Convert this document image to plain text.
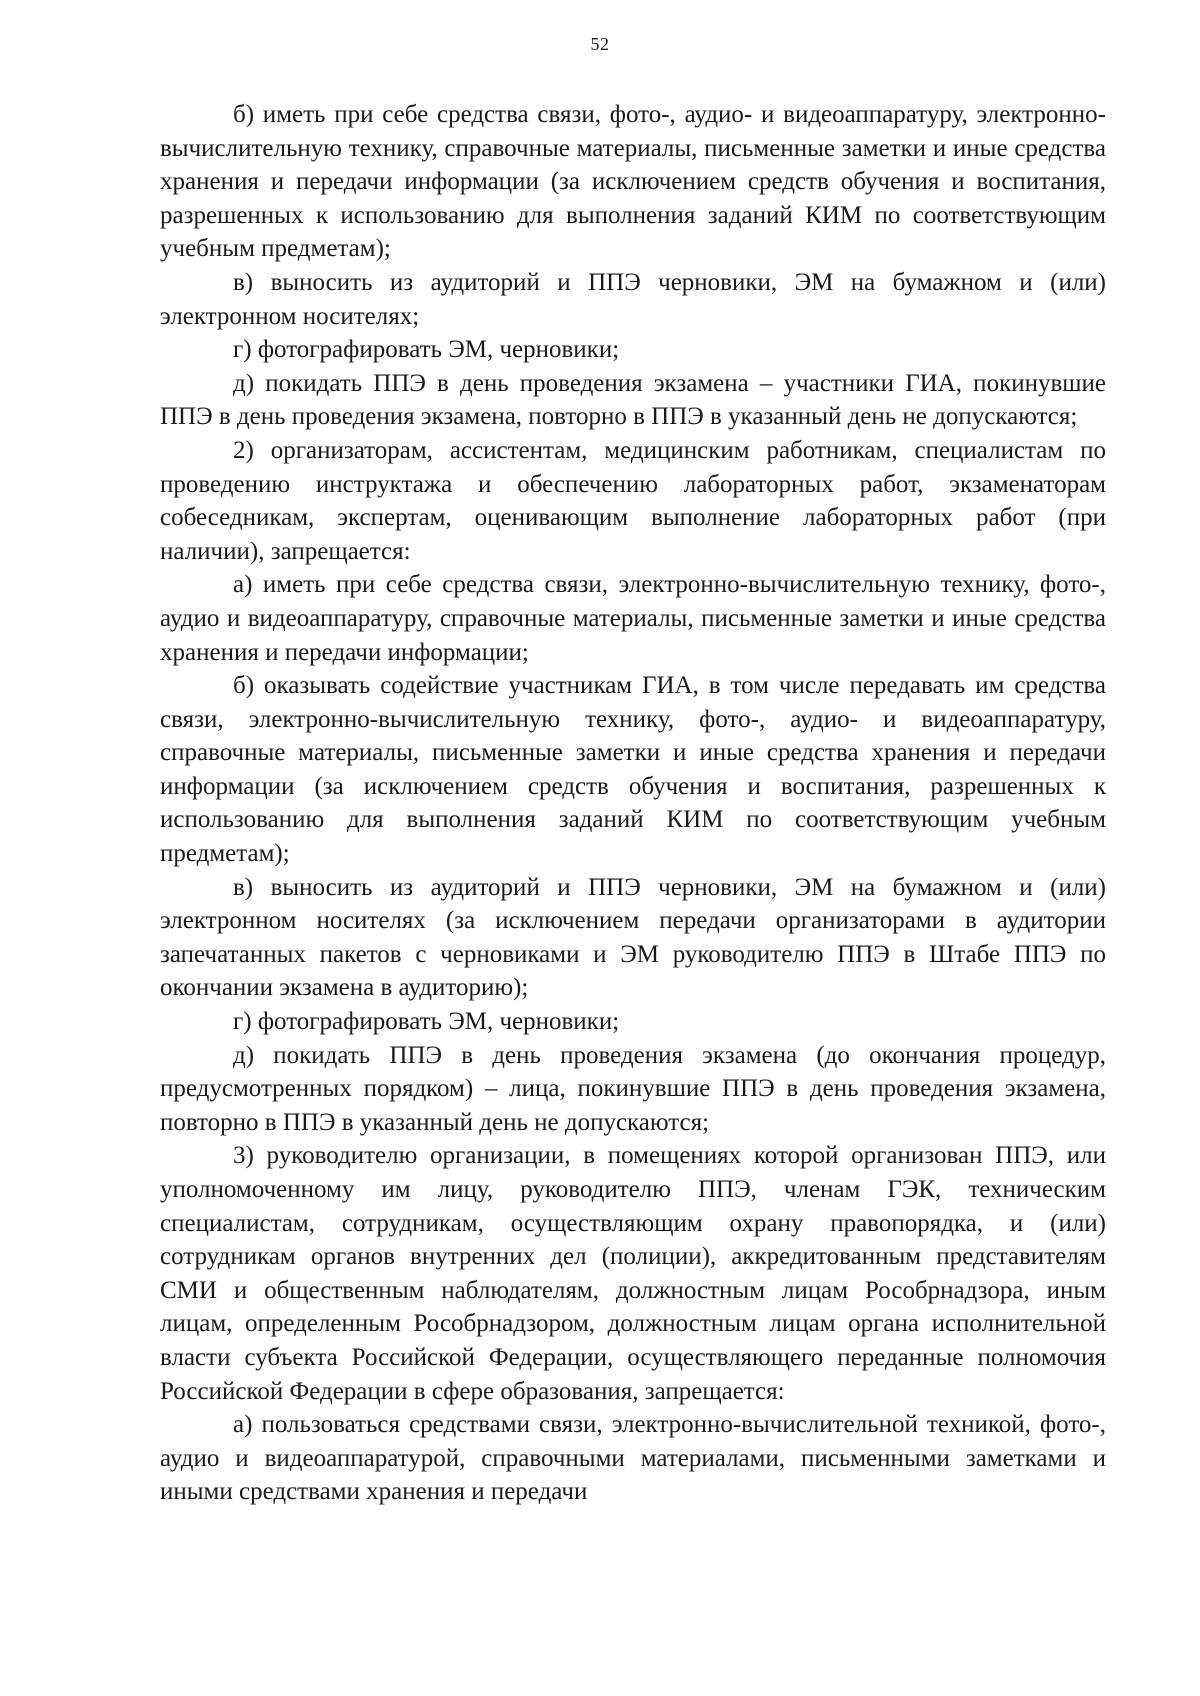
52

б) иметь при себе средства связи, фото-, аудио- и видеоаппаратуру, электронно-вычислительную технику, справочные материалы, письменные заметки и иные средства хранения и передачи информации (за исключением средств обучения и воспитания, разрешенных к использованию для выполнения заданий КИМ по соответствующим учебным предметам);

в) выносить из аудиторий и ППЭ черновики, ЭМ на бумажном и (или) электронном носителях;

г) фотографировать ЭМ, черновики;

д) покидать ППЭ в день проведения экзамена – участники ГИА, покинувшие ППЭ в день проведения экзамена, повторно в ППЭ в указанный день не допускаются;

2) организаторам, ассистентам, медицинским работникам, специалистам по проведению инструктажа и обеспечению лабораторных работ, экзаменаторам собеседникам, экспертам, оценивающим выполнение лабораторных работ (при наличии), запрещается:

а) иметь при себе средства связи, электронно-вычислительную технику, фото-, аудио и видеоаппаратуру, справочные материалы, письменные заметки и иные средства хранения и передачи информации;

б) оказывать содействие участникам ГИА, в том числе передавать им средства связи, электронно-вычислительную технику, фото-, аудио- и видеоаппаратуру, справочные материалы, письменные заметки и иные средства хранения и передачи информации (за исключением средств обучения и воспитания, разрешенных к использованию для выполнения заданий КИМ по соответствующим учебным предметам);

в) выносить из аудиторий и ППЭ черновики, ЭМ на бумажном и (или) электронном носителях (за исключением передачи организаторами в аудитории запечатанных пакетов с черновиками и ЭМ руководителю ППЭ в Штабе ППЭ по окончании экзамена в аудиторию);

г) фотографировать ЭМ, черновики;

д) покидать ППЭ в день проведения экзамена (до окончания процедур, предусмотренных порядком) – лица, покинувшие ППЭ в день проведения экзамена, повторно в ППЭ в указанный день не допускаются;

3) руководителю организации, в помещениях которой организован ППЭ, или уполномоченному им лицу, руководителю ППЭ, членам ГЭК, техническим специалистам, сотрудникам, осуществляющим охрану правопорядка, и (или) сотрудникам органов внутренних дел (полиции), аккредитованным представителям СМИ и общественным наблюдателям, должностным лицам Рособрнадзора, иным лицам, определенным Рособрнадзором, должностным лицам органа исполнительной власти субъекта Российской Федерации, осуществляющего переданные полномочия Российской Федерации в сфере образования, запрещается:

а) пользоваться средствами связи, электронно-вычислительной техникой, фото-, аудио и видеоаппаратурой, справочными материалами, письменными заметками и иными средствами хранения и передачи
